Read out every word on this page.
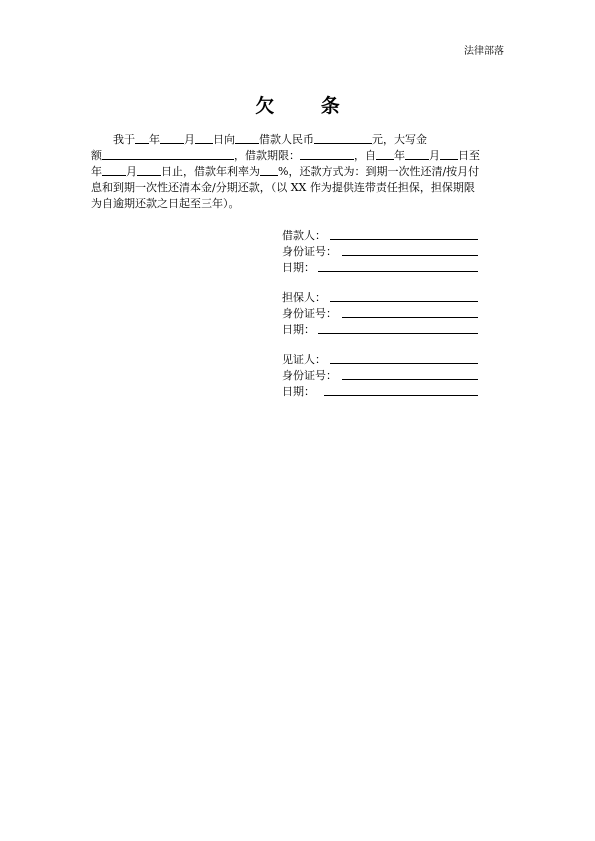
法律部落
欠 条
我于 年 月 日向 借款人民币	元，大写金
额	，借款期限：	，自 年 月 日至
年 月 日止，借款年利率为 %，还款方式为：到期一次性还清/按月付
息和到期一次性还清本金/分期还款，（以 XX 作为提供连带责任担保，担保期限
为自逾期还款之日起至三年）。
借款人：
身份证号：
日期：
担保人：
身份证号：
日期：
见证人：
身份证号：
日期：
